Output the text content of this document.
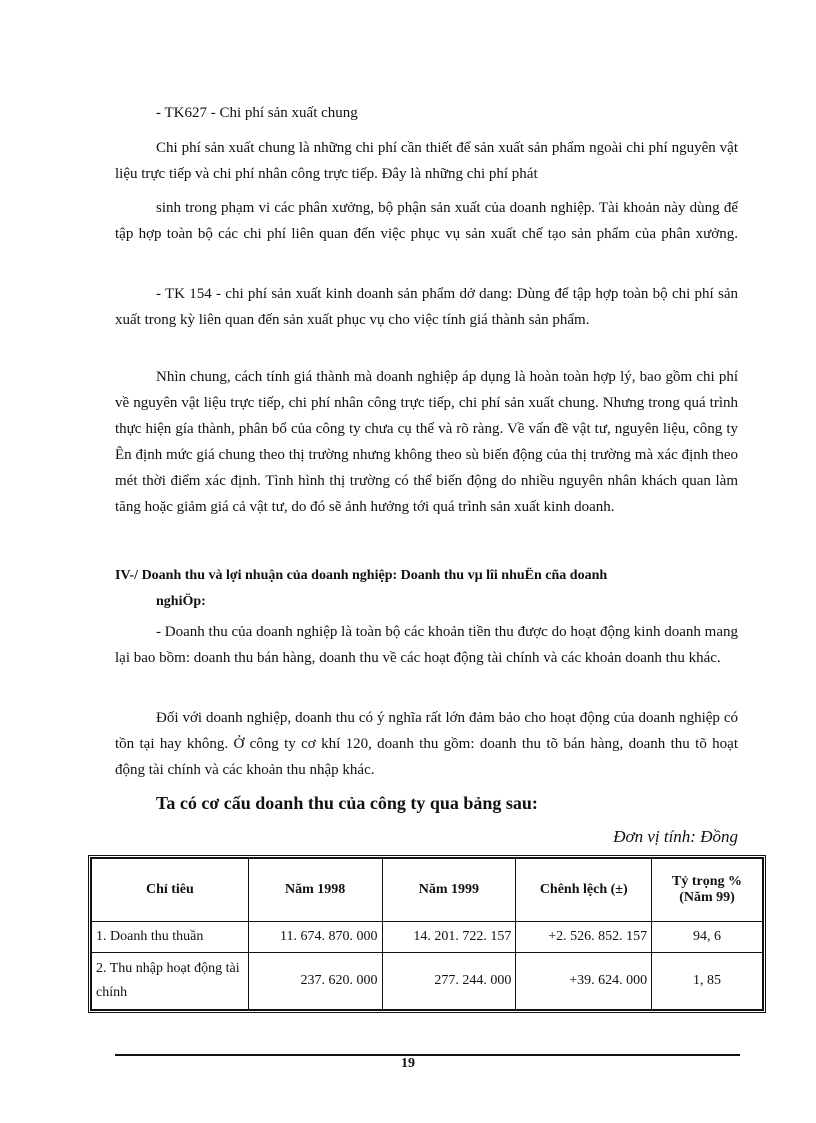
- TK627 - Chi phí sản xuất chung

Chi phí sản xuất chung là những chi phí cần thiết để sản xuất sản phẩm ngoài chi phí nguyên vật liệu trực tiếp và chi phí nhân công trực tiếp. Đây là những chi phí phát

sinh trong phạm vi các phân xưởng, bộ phận sản xuất của doanh nghiệp. Tài khoản này dùng để tập hợp toàn bộ các chi phí liên quan đến việc phục vụ sản xuất chế tạo sản phẩm của phân xưởng.

- TK 154 - chi phí sản xuất kinh doanh sản phẩm dở dang: Dùng để tập hợp toàn bộ chi phí sản xuất trong kỳ liên quan đến sản xuất phục vụ cho việc tính giá thành sản phẩm.

Nhìn chung, cách tính giá thành mà doanh nghiệp áp dụng là hoàn toàn hợp lý, bao gồm chi phí về nguyên vật liệu trực tiếp, chi phí nhân công trực tiếp, chi phí sản xuất chung. Nhưng trong quá trình thực hiện gía thành, phân bổ của công ty chưa cụ thể và rõ ràng. Về vấn đề vật tư, nguyên liệu, công ty Ên định mức giá chung theo thị trường nhưng không theo sù biến động của thị trường mà xác định theo mét thời điểm xác định. Tình hình thị trường có thể biến động do nhiều nguyên nhân khách quan làm tăng hoặc giảm giá cả vật tư, do đó sẽ ảnh hưởng tới quá trình sản xuất kinh doanh.

IV-/ Doanh thu và lợi nhuận của doanh nghiệp: Doanh thu vµ lîi nhuËn cña doanh
nghiÖp:

- Doanh thu của doanh nghiệp là toàn bộ các khoản tiền thu được do hoạt động kinh doanh mang lại bao bồm: doanh thu bán hàng, doanh thu về các hoạt động tài chính và các khoản doanh thu khác.

Đối với doanh nghiệp, doanh thu có ý nghĩa rất lớn đảm bảo cho hoạt động của doanh nghiệp có tồn tại hay không. Ở công ty cơ khí 120, doanh thu gồm: doanh thu tõ bán hàng, doanh thu tõ hoạt động tài chính và các khoản thu nhập khác.

Ta có cơ cấu doanh thu của công ty qua bảng sau:

Đơn vị tính: Đồng

Chỉ tiêu	Năm 1998	Năm 1999	Chênh lệch (±)	Tỷ trọng %
(Năm 99)
1. Doanh thu thuần	11. 674. 870. 000	14. 201. 722. 157	+2. 526. 852. 157	94, 6
2. Thu nhập hoạt động tài chính	237. 620. 000	277. 244. 000	+39. 624. 000	1, 85

19
